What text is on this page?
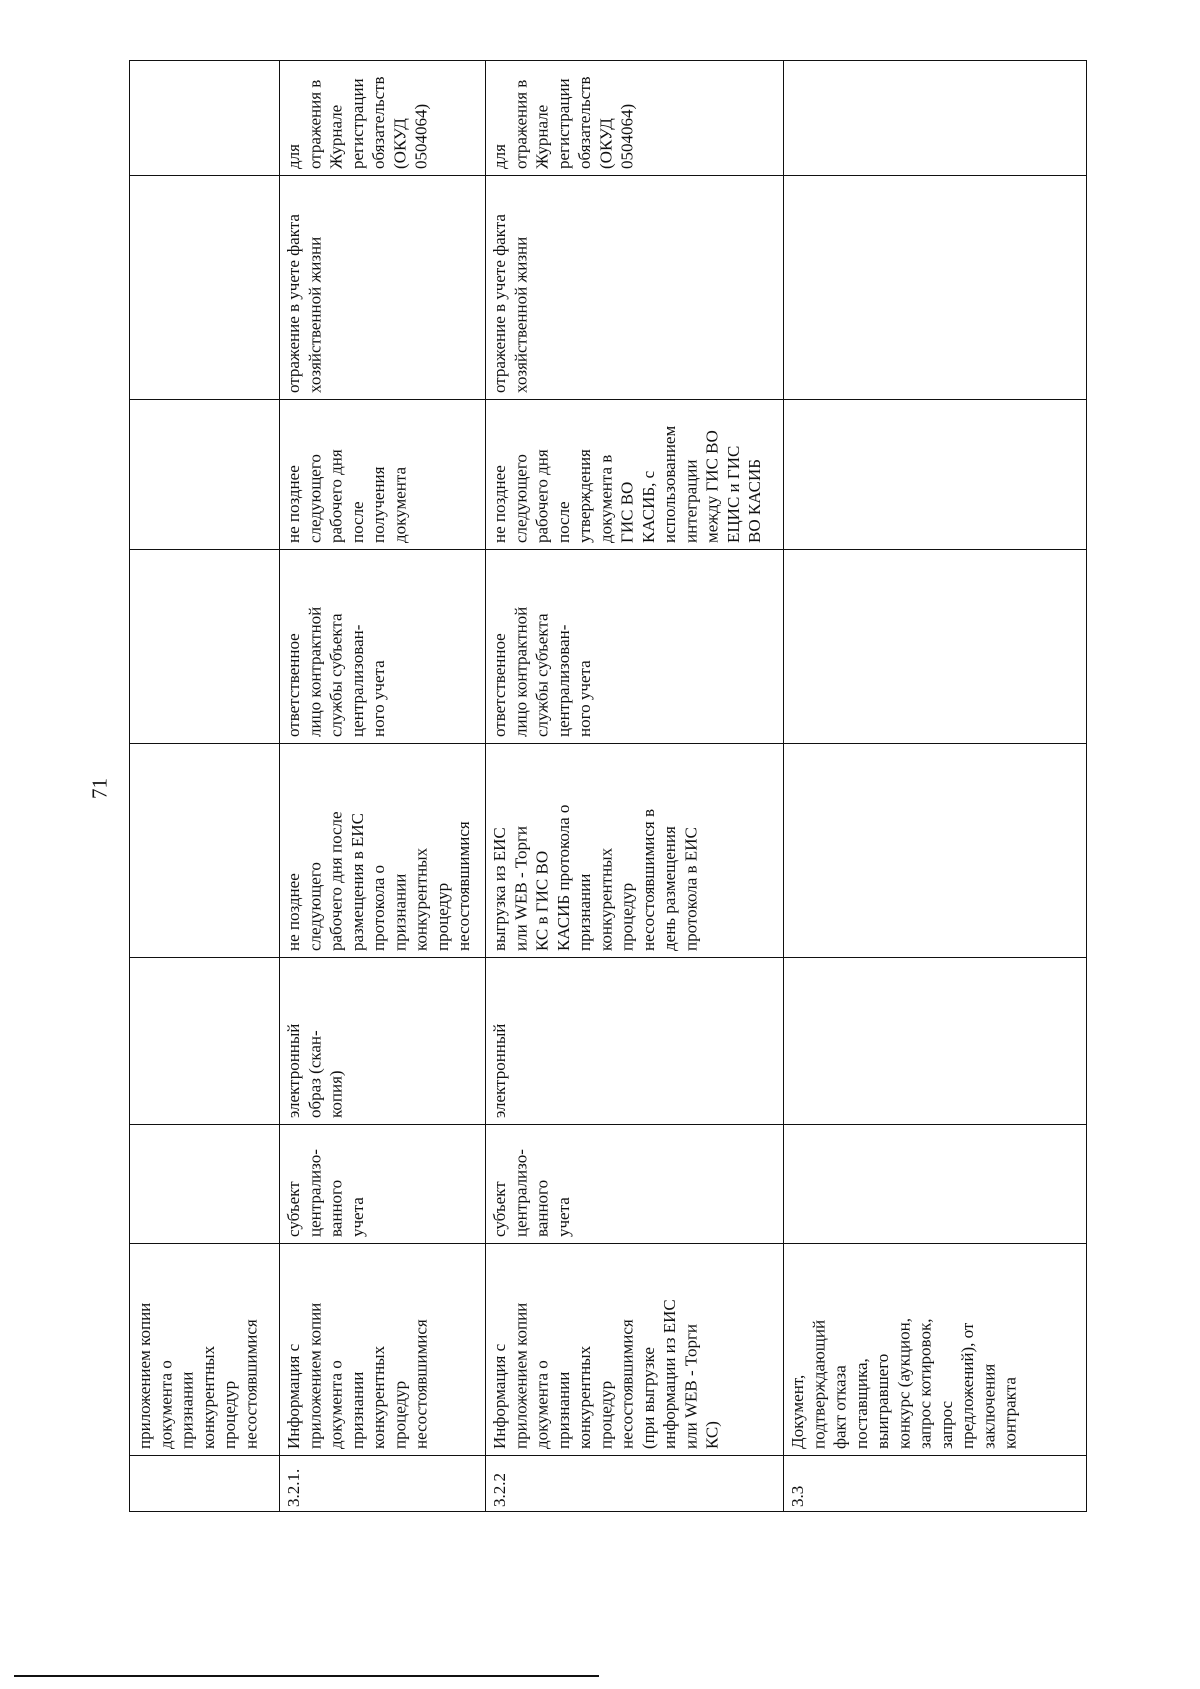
71
приложением копии
документа о
признании
конкурентных
процедур
несостоявшимися
3.2.1.
Информация с
приложением копии
документа о
признании
конкурентных
процедур
несостоявшимися
субъект
централизо-
ванного
учета
электронный
образ (скан-
копия)
не позднее
следующего
рабочего дня после
размещения в ЕИС
протокола о
признании
конкурентных
процедур
несостоявшимися
ответственное
лицо контрактной
службы субъекта
централизован-
ного учета
не позднее
следующего
рабочего дня
после
получения
документа
отражение в учете факта
хозяйственной жизни
для
отражения в
Журнале
регистрации
обязательств
(ОКУД
0504064)
3.2.2
Информация с
приложением копии
документа о
признании
конкурентных
процедур
несостоявшимися
(при выгрузке
информации из ЕИС
или WEB - Торги
КС)
субъект
централизо-
ванного
учета
электронный
выгрузка из ЕИС
или WEB - Торги
КС в ГИС ВО
КАСИБ протокола о
признании
конкурентных
процедур
несостоявшимися в
день размещения
протокола в ЕИС
ответственное
лицо контрактной
службы субъекта
централизован-
ного учета
не позднее
следующего
рабочего дня
после
утверждения
документа в
ГИС ВО
КАСИБ, с
использованием
интеграции
между ГИС ВО
ЕЦИС и ГИС
ВО КАСИБ
отражение в учете факта
хозяйственной жизни
для
отражения в
Журнале
регистрации
обязательств
(ОКУД
0504064)
3.3
Документ,
подтверждающий
факт отказа
поставщика,
выигравшего
конкурс (аукцион,
запрос котировок,
запрос
предложений), от
заключения
контракта
